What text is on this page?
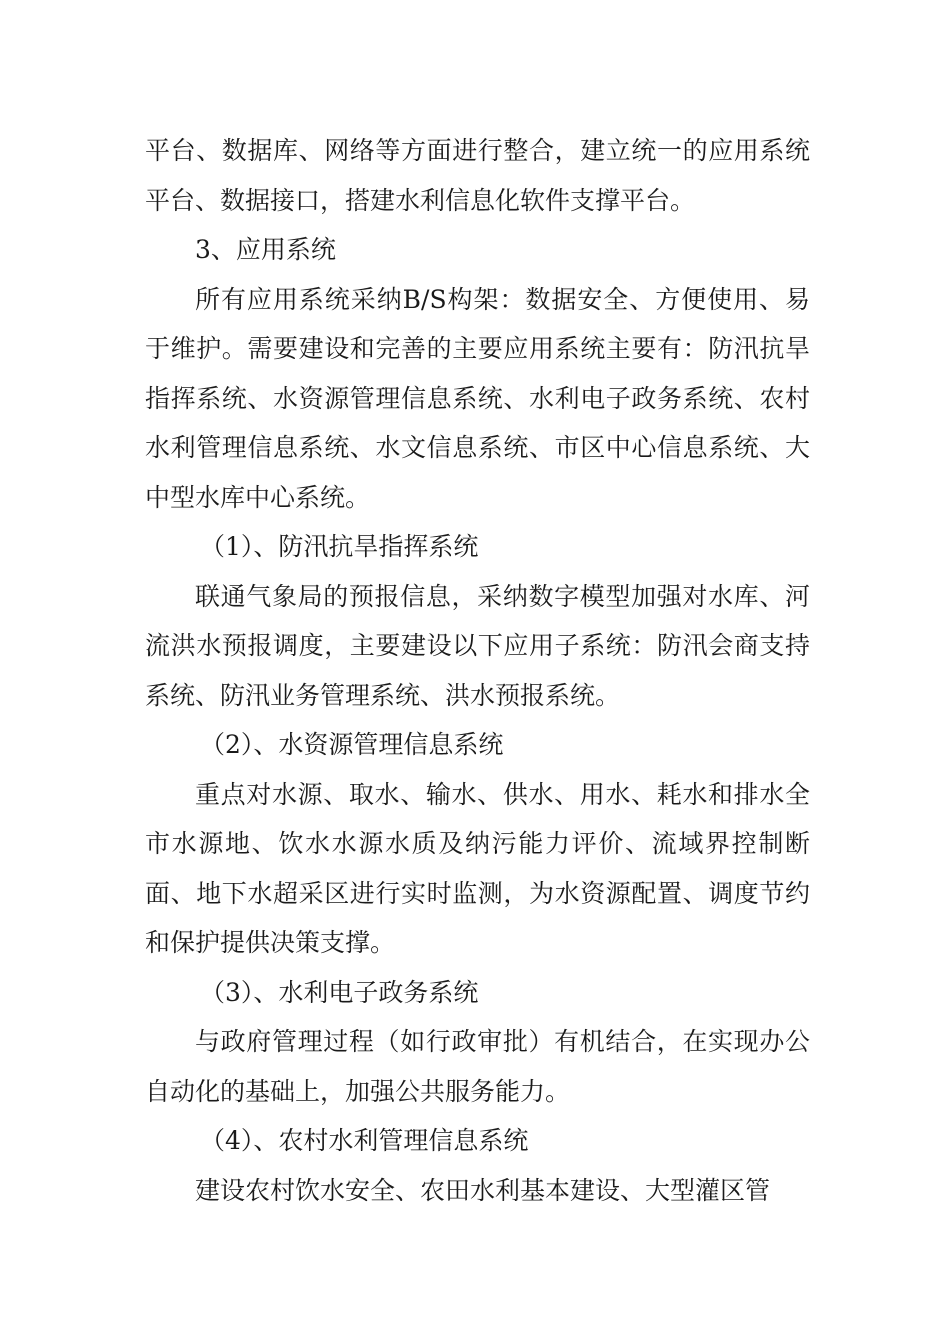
平台、数据库、网络等方面进行整合，建立统一的应用系统平台、数据接口，搭建水利信息化软件支撑平台。

3、应用系统

所有应用系统采纳B/S构架：数据安全、方便使用、易于维护。需要建设和完善的主要应用系统主要有：防汛抗旱指挥系统、水资源管理信息系统、水利电子政务系统、农村水利管理信息系统、水文信息系统、市区中心信息系统、大中型水库中心系统。

（1）、防汛抗旱指挥系统

联通气象局的预报信息，采纳数字模型加强对水库、河流洪水预报调度，主要建设以下应用子系统：防汛会商支持系统、防汛业务管理系统、洪水预报系统。

（2）、水资源管理信息系统

重点对水源、取水、输水、供水、用水、耗水和排水全市水源地、饮水水源水质及纳污能力评价、流域界控制断面、地下水超采区进行实时监测，为水资源配置、调度节约和保护提供决策支撑。

（3）、水利电子政务系统

与政府管理过程（如行政审批）有机结合，在实现办公自动化的基础上，加强公共服务能力。

（4）、农村水利管理信息系统

建设农村饮水安全、农田水利基本建设、大型灌区管
